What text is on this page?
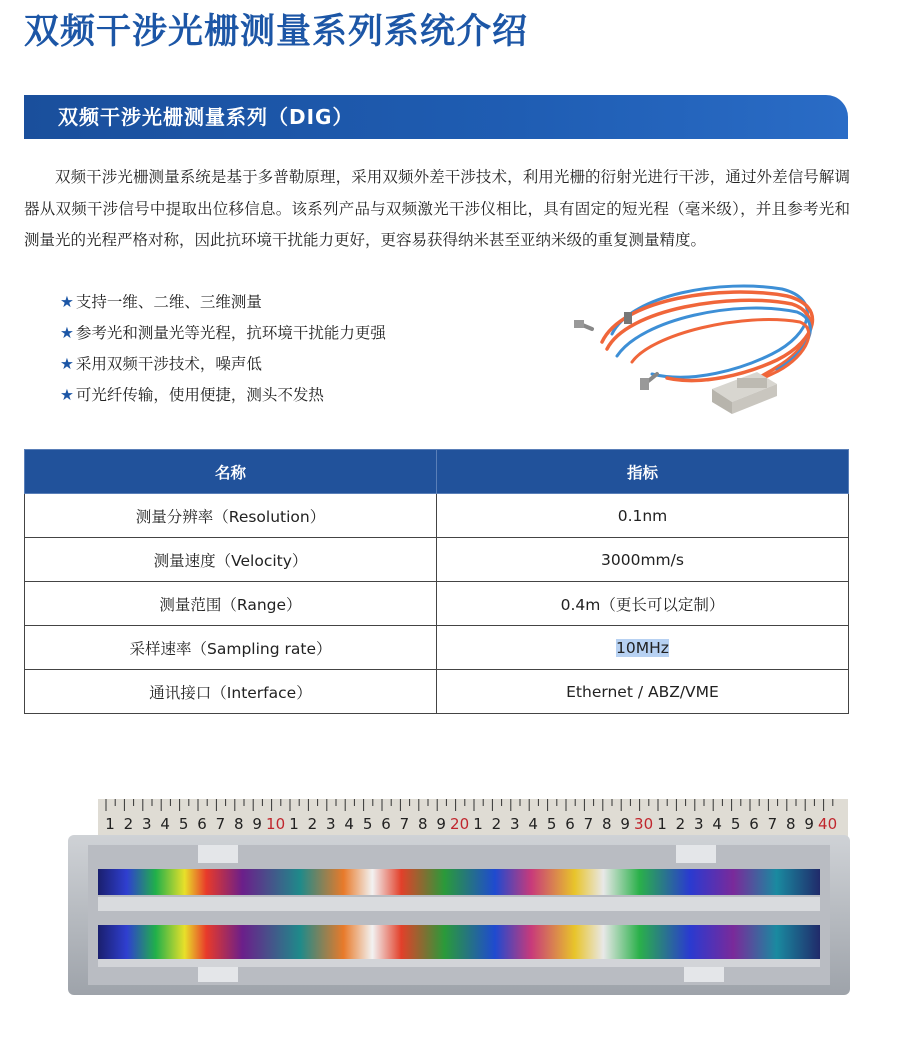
双频干涉光栅测量系列系统介绍
双频干涉光栅测量系列（DIG）

双频干涉光栅测量系统是基于多普勒原理，采用双频外差干涉技术，利用光栅的衍射光进行干涉，通过外差信号解调器从双频干涉信号中提取出位移信息。该系列产品与双频激光干涉仪相比，具有固定的短光程（毫米级），并且参考光和测量光的光程严格对称，因此抗环境干扰能力更好，更容易获得纳米甚至亚纳米级的重复测量精度。

★ 支持一维、二维、三维测量
★ 参考光和测量光等光程，抗环境干扰能力更强
★ 采用双频干涉技术，噪声低
★ 可光纤传输，使用便捷，测头不发热
名称	指标
测量分辨率（Resolution）	0.1nm
测量速度（Velocity）	3000mm/s
测量范围（Range）	0.4m（更长可以定制）
采样速率（Sampling rate）	10MHz
通讯接口（Interface）	Ethernet / ABZ/VME
1 2 3 4 5 6 7 8 9 10 1 2 3 4 5 6 7 8 9 20 1 2 3 4 5 6 7 8 9 30 1 2 3 4 5 6 7 8 9 40
